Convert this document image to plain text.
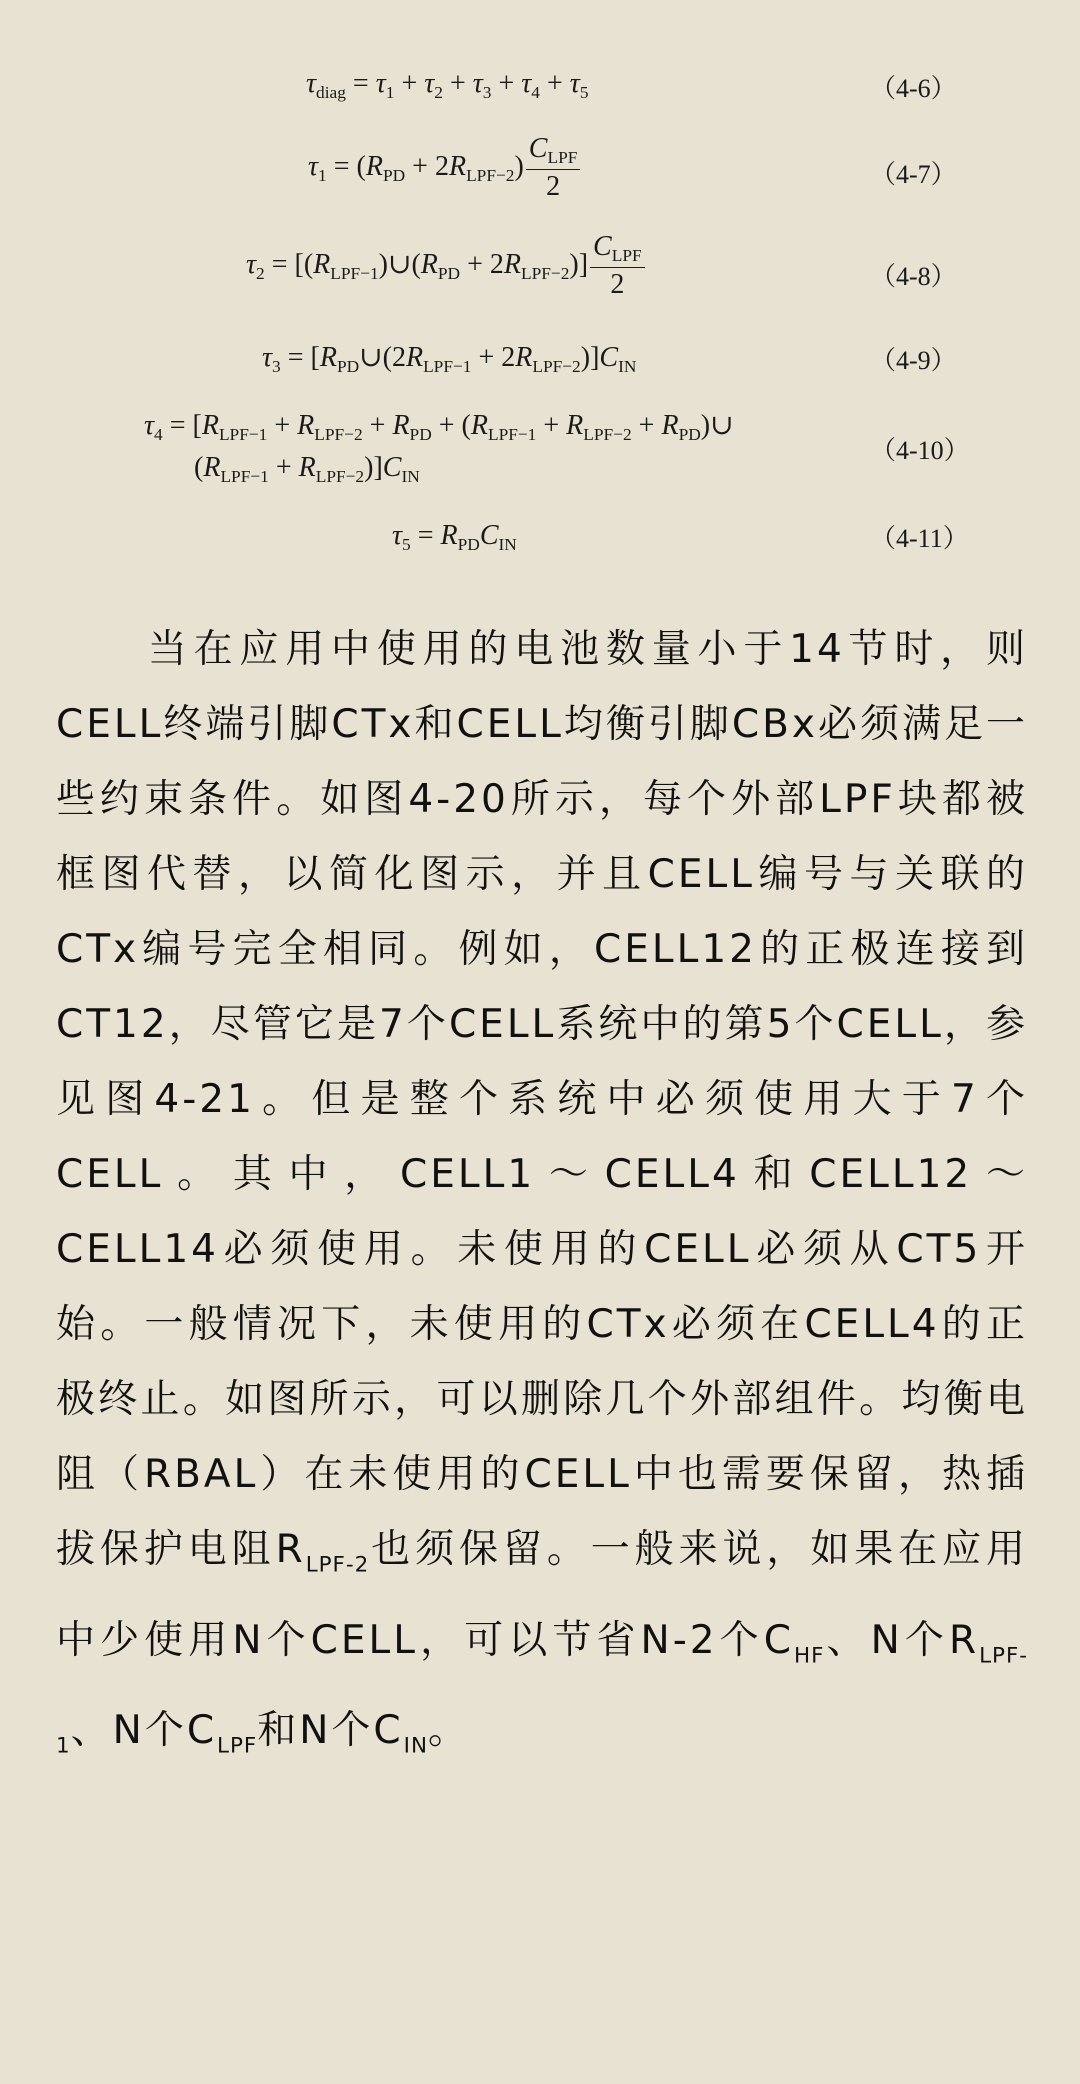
$\tau_{diag} = \tau_1 + \tau_2 + \tau_3 + \tau_4 + \tau_5$	（4-6）
$\tau_1 = (R_{PD} + 2R_{LPF-2}) \frac{C_{LPF}}{2}$	（4-7）
$\tau_2$ = $[(R_{LPF-1})\cup(R_{PD} + 2R_{LPF-2})] \frac{C_{LPF}}{2}$	（4-8）
$\tau_3$ = $[R_{PD}\cup(2R_{LPF-1} + 2R_{LPF-2})]C_{IN}$	（4-9）
$\tau_4 = [R_{LPF-1} + R_{LPF-2} + R_{PD} + (R_{LPF-1} + R_{LPF-2}$ + $R_{PD})\cup$
$(R_{LPF-1} + R_{LPF-2})]C_{IN}$
（4-10）
$\tau_5 = R_{PD}C_{IN}$	（4-11）
当在应用中使用的电池数量小于14节时，则CELL终端引脚CTx和CELL均衡引脚CBx必须满足一些约束条件。如图4-20所示，每个外部LPF块都被框图代替，以简化图示，并且CELL编号与关联的CTx编号完全相同。例如，CELL12的正极连接到CT12，尽管它是7个CELL系统中的第5个CELL，参见图4-21。但是整个系统中必须使用大于7个CELL。其中，CELL1～CELL4和CELL12～CELL14必须使用。未使用的CELL必须从CT5开始。一般情况下，未使用的CTx必须在CELL4的正极终止。如图所示，可以删除几个外部组件。均衡电阻（RBAL）在未使用的CELL中也需要保留，热插拔保护电阻$R_{LPF-2}$也须保留。一般来说，如果在应用中少使用N个CELL，可以节省N-2个$C_{HF}$、N个$R_{LPF-1}$、N个$C_{LPF}$和N个$C_{IN}$。
